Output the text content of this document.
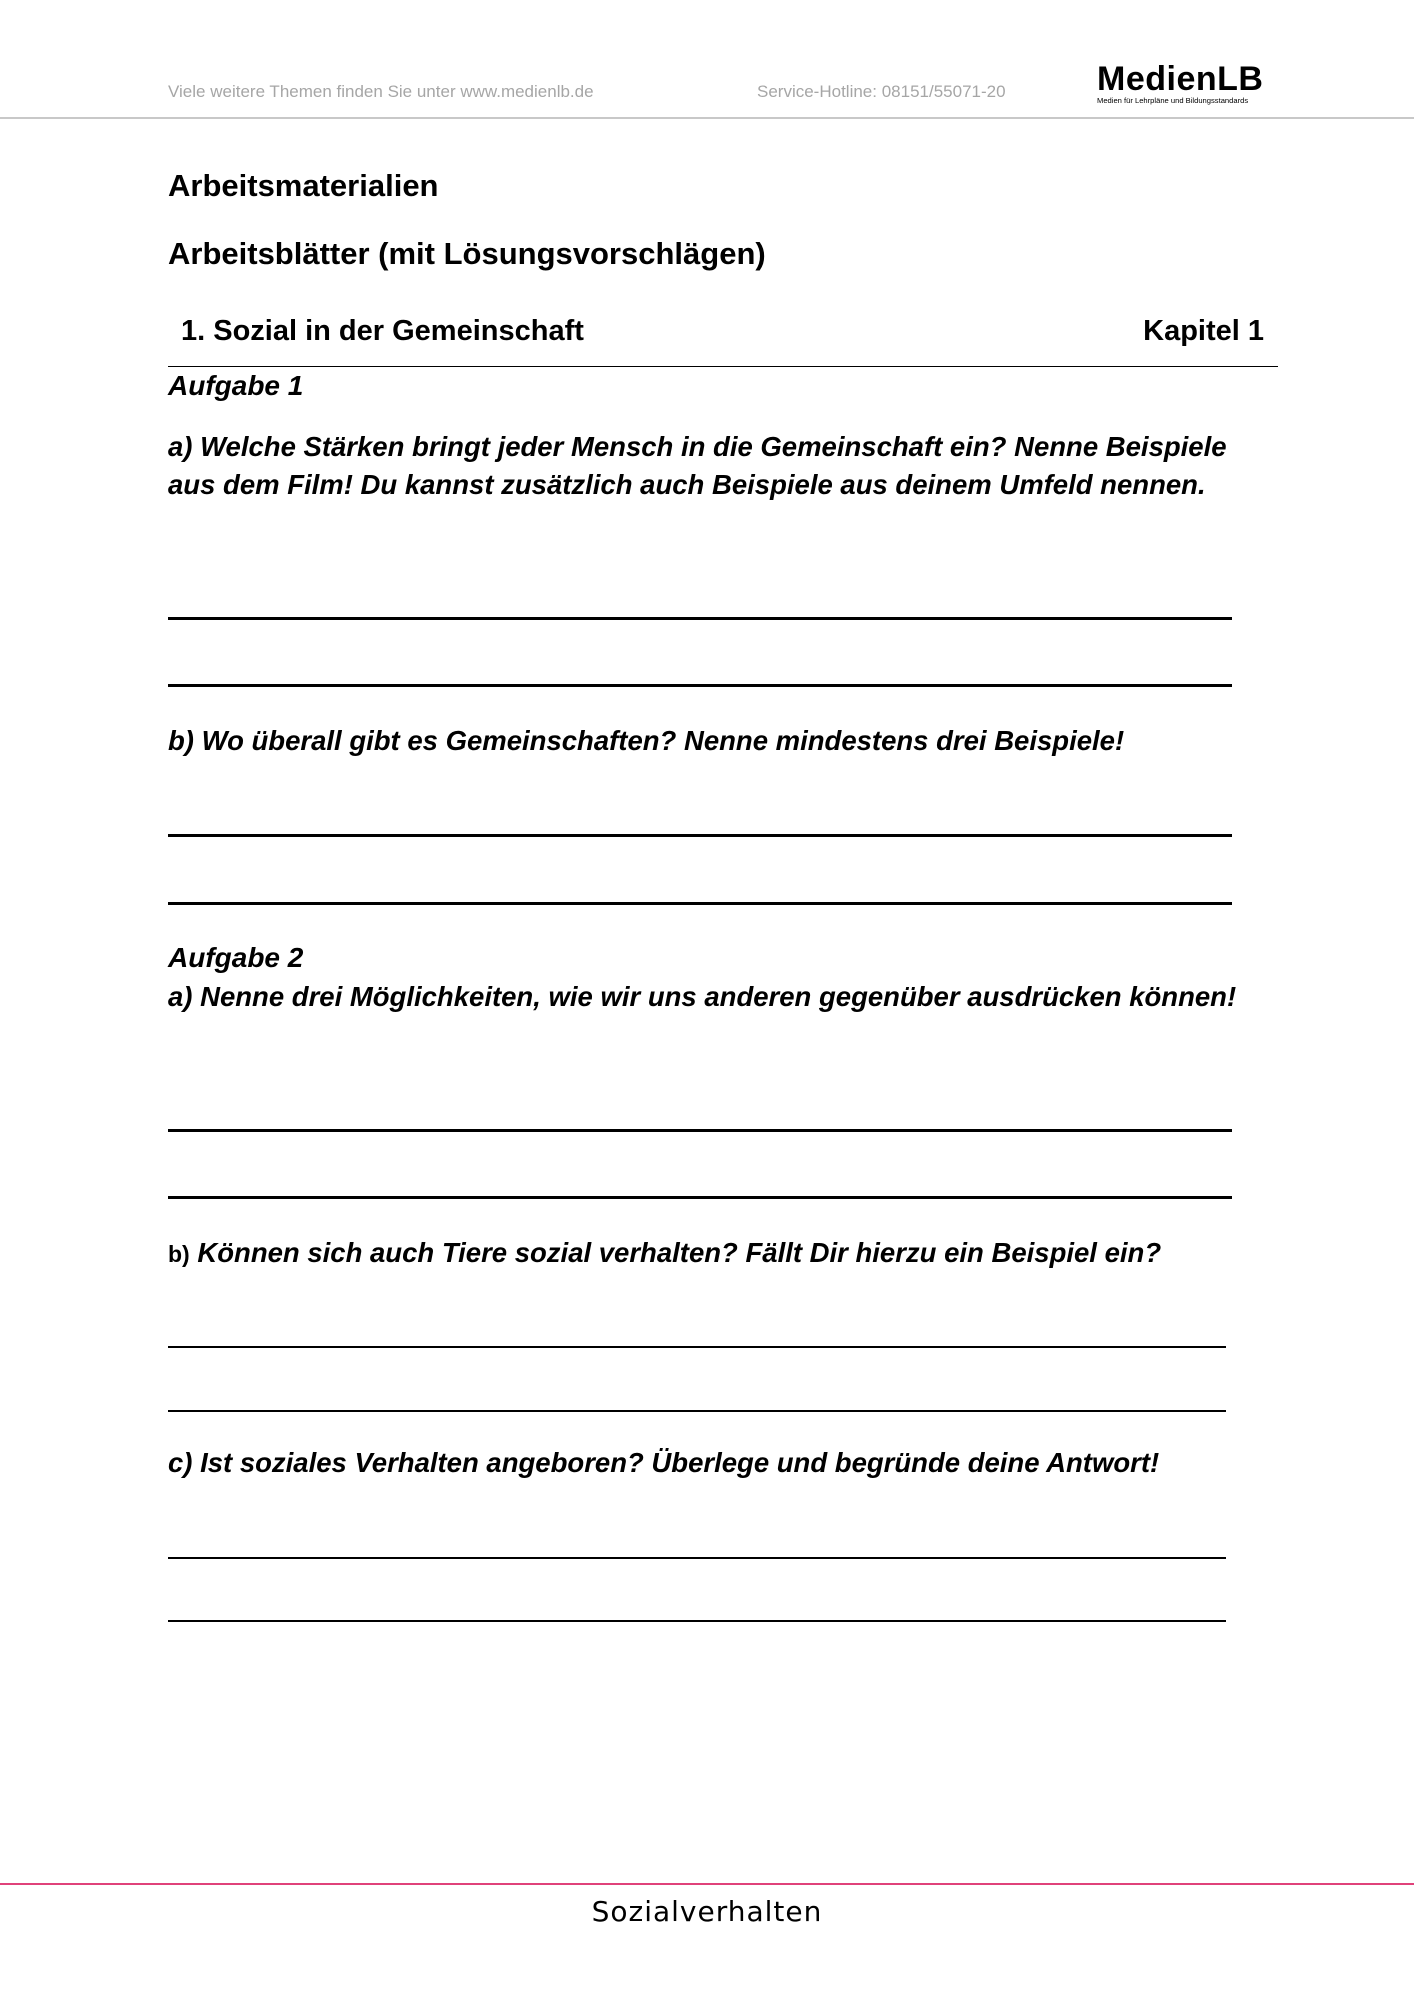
Viele weitere Themen finden Sie unter www.medienlb.de	Service-Hotline: 08151/55071-20	MedienLB
Medien für Lehrpläne und Bildungsstandards
Arbeitsmaterialien
Arbeitsblätter (mit Lösungsvorschlägen)
1. Sozial in der Gemeinschaft	Kapitel 1
Aufgabe 1
a) Welche Stärken bringt jeder Mensch in die Gemeinschaft ein? Nenne Beispiele aus dem Film! Du kannst zusätzlich auch Beispiele aus deinem Umfeld nennen.
b) Wo überall gibt es Gemeinschaften? Nenne mindestens drei Beispiele!
Aufgabe 2
a) Nenne drei Möglichkeiten, wie wir uns anderen gegenüber ausdrücken können!
b) Können sich auch Tiere sozial verhalten? Fällt Dir hierzu ein Beispiel ein?
c) Ist soziales Verhalten angeboren? Überlege und begründe deine Antwort!
Sozialverhalten
